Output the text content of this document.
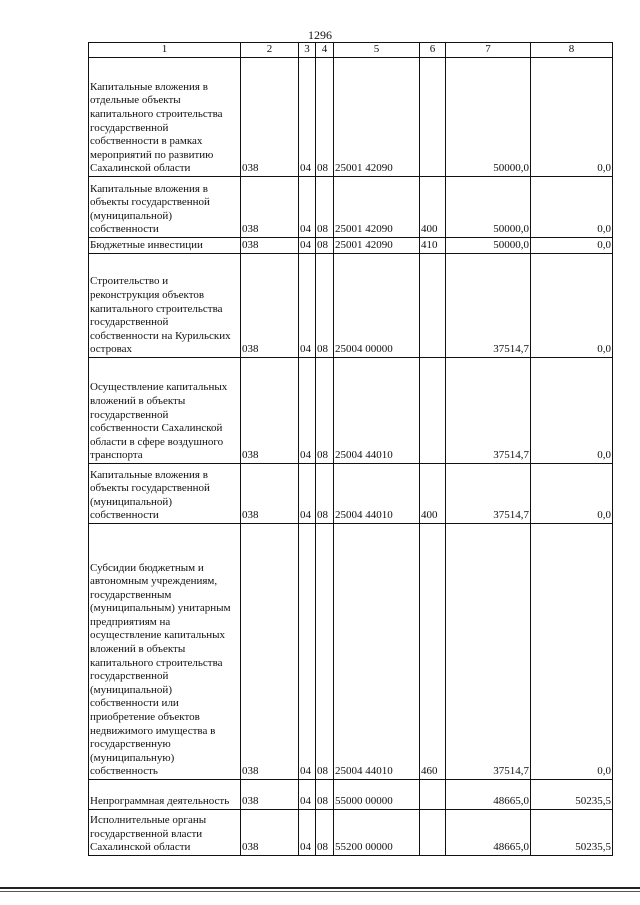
1296
1	2	3	4	5	6	7	8
Капитальные вложения в отдельные объекты капитального строительства государственной собственности в рамках мероприятий по развитию Сахалинской области	038	04	08	25001 42090		50000,0	0,0
Капитальные вложения в объекты государственной (муниципальной) собственности	038	04	08	25001 42090	400	50000,0	0,0
Бюджетные инвестиции	038	04	08	25001 42090	410	50000,0	0,0
Строительство и реконструкция объектов капитального строительства государственной собственности на Курильских островах	038	04	08	25004 00000		37514,7	0,0
Осуществление капитальных вложений в объекты государственной собственности Сахалинской области в сфере воздушного транспорта	038	04	08	25004 44010		37514,7	0,0
Капитальные вложения в объекты государственной (муниципальной) собственности	038	04	08	25004 44010	400	37514,7	0,0
Субсидии бюджетным и автономным учреждениям, государственным (муниципальным) унитарным предприятиям на осуществление капитальных вложений в объекты капитального строительства государственной (муниципальной) собственности или приобретение объектов недвижимого имущества в государственную (муниципальную) собственность	038	04	08	25004 44010	460	37514,7	0,0
Непрограммная деятельность	038	04	08	55000 00000		48665,0	50235,5
Исполнительные органы государственной власти Сахалинской области	038	04	08	55200 00000		48665,0	50235,5
